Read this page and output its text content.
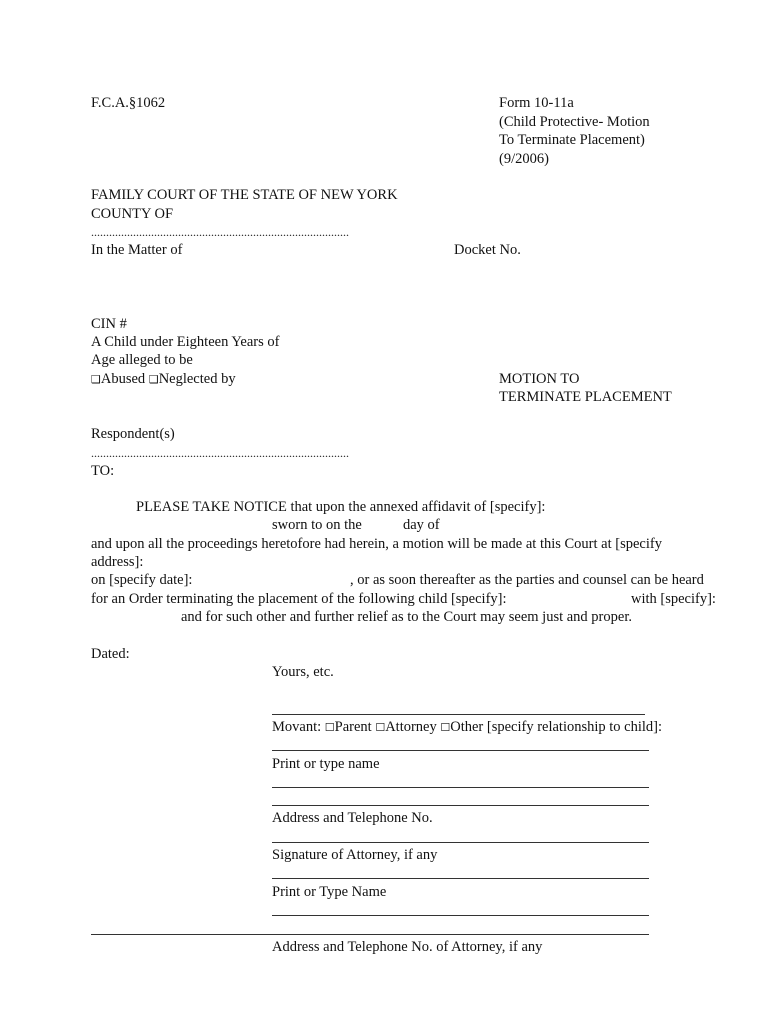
F.C.A.§1062	Form 10-11a
(Child Protective- Motion
To Terminate Placement)
(9/2006)
FAMILY COURT OF THE STATE OF NEW YORK
COUNTY OF
......................................................................................
In the Matter of	Docket No.
CIN #
A Child under Eighteen Years of
Age alleged to be
❑Abused ❑Neglected by	MOTION TO
TERMINATE PLACEMENT
Respondent(s)
......................................................................................
TO:
PLEASE TAKE NOTICE that upon the annexed affidavit of [specify]:
sworn to on the	day of
and upon all the proceedings heretofore had herein, a motion will be made at this Court at [specify
address]:
on [specify date]:	, or as soon thereafter as the parties and counsel can be heard
for an Order terminating the placement of the following child [specify]:	with [specify]:
and for such other and further relief as to the Court may seem just and proper.
Dated:
Yours, etc.
Movant: ☐Parent ☐Attorney ☐Other [specify relationship to child]:
Print or type name
Address and Telephone No.
Signature of Attorney, if any
Print or Type Name
Address and Telephone No. of Attorney, if any
